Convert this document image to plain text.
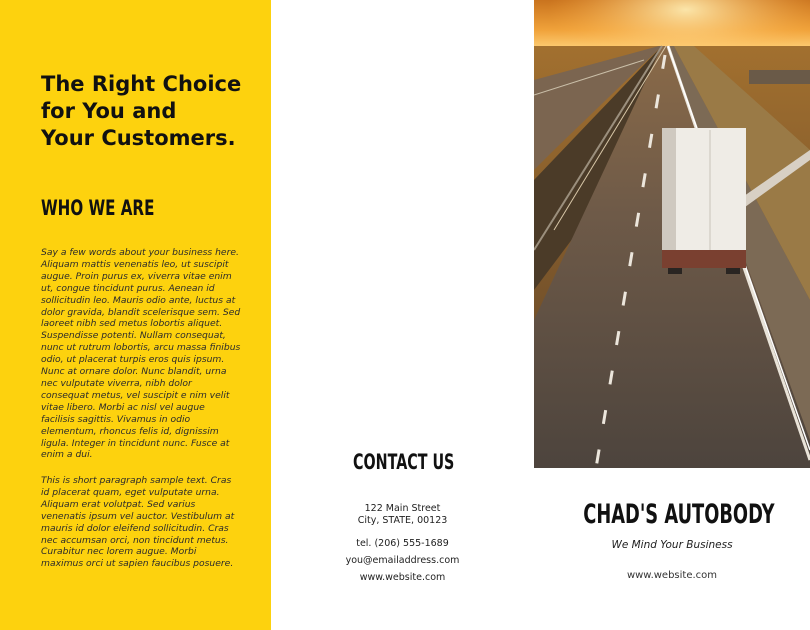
The Right Choice
for You and
Your Customers.
WHO WE ARE

Say a few words about your business here. Aliquam mattis venenatis leo, ut suscipit augue. Proin purus ex, viverra vitae enim ut, congue tincidunt purus. Aenean id sollicitudin leo. Mauris odio ante, luctus at dolor gravida, blandit scelerisque sem. Sed laoreet nibh sed metus lobortis aliquet. Suspendisse potenti. Nullam consequat, nunc ut rutrum lobortis, arcu massa finibus odio, ut placerat turpis eros quis ipsum. Nunc at ornare dolor. Nunc blandit, urna nec vulputate viverra, nibh dolor consequat metus, vel suscipit e nim velit vitae libero. Morbi ac nisl vel augue facilisis sagittis. Vivamus in odio elementum, rhoncus felis id, dignissim ligula. Integer in tincidunt nunc. Fusce at enim a dui.

This is short paragraph sample text. Cras id placerat quam, eget vulputate urna. Aliquam erat volutpat. Sed varius venenatis ipsum vel auctor. Vestibulum at mauris id dolor eleifend sollicitudin. Cras nec accumsan orci, non tincidunt metus. Curabitur nec lorem augue. Morbi maximus orci ut sapien faucibus posuere.

CONTACT US
122 Main Street
City, STATE, 00123
tel. (206) 555-1689
you@emailaddress.com
www.website.com
CHAD'S AUTOBODY
We Mind Your Business
www.website.com
